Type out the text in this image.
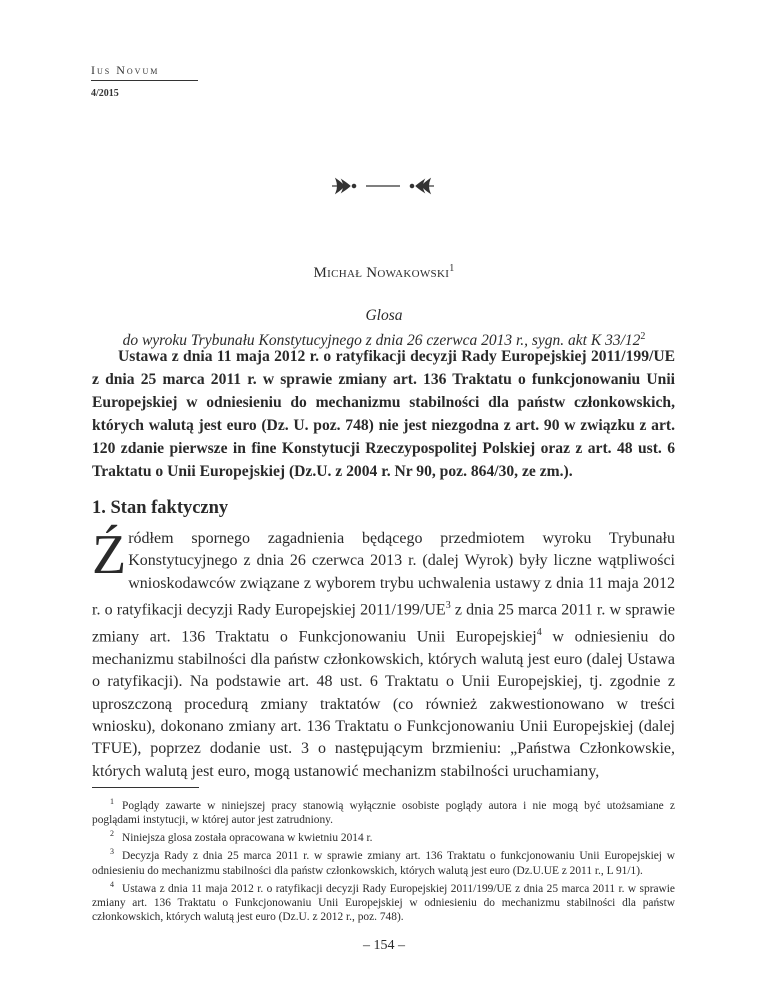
Ius Novum
4/2015
Michał Nowakowski$^1$
Glosa
do wyroku Trybunału Konstytucyjnego z dnia 26 czerwca 2013 r., sygn. akt K $33/12^2$

Ustawa z dnia 11 maja 2012 r. o ratyfikacji decyzji Rady Europejskiej 2011/199/UE z dnia 25 marca 2011 r. w sprawie zmiany art. 136 Traktatu o funkcjonowaniu Unii Europejskiej w odniesieniu do mechanizmu stabilności dla państw członkowskich, których walutą jest euro (Dz. U. poz. 748) nie jest niezgodna z art. 90 w związku z art. 120 zdanie pierwsze in fine Konstytucji Rzeczypospolitej Polskiej oraz z art. 48 ust. 6 Traktatu o Unii Europejskiej (Dz.U. z 2004 r. Nr 90, poz. 864/30, ze zm.).

1. Stan faktyczny
Źródłem spornego zagadnienia będącego przedmiotem wyroku Trybunału Konstytucyjnego z dnia 26 czerwca 2013 r. (dalej Wyrok) były liczne wątpliwości wnioskodawców związane z wyborem trybu uchwalenia ustawy z dnia 11 maja 2012 r. o ratyfikacji decyzji Rady Europejskiej $2011/199/UE^3$ z dnia 25 marca 2011 r. w sprawie zmiany art. 136 Traktatu o Funkcjonowaniu Unii Europejskiej$^4$ w odniesieniu do mechanizmu stabilności dla państw członkowskich, których walutą jest euro (dalej Ustawa o ratyfikacji). Na podstawie art. 48 ust. 6 Traktatu o Unii Europejskiej, tj. zgodnie z uproszczoną procedurą zmiany traktatów (co również zakwestionowano w treści wniosku), dokonano zmiany art. 136 Traktatu o Funkcjonowaniu Unii Europejskiej (dalej TFUE), poprzez dodanie ust. 3 o następującym brzmieniu: „Państwa Członkowskie, których walutą jest euro, mogą ustanowić mechanizm stabilności uruchamiany,

$^1$ Poglądy zawarte w niniejszej pracy stanowią wyłącznie osobiste poglądy autora i nie mogą być utożsamiane z poglądami instytucji, w której autor jest zatrudniony.

$^2$ Niniejsza glosa została opracowana w kwietniu 2014 r.

$^3$ Decyzja Rady z dnia 25 marca 2011 r. w sprawie zmiany art. 136 Traktatu o funkcjonowaniu Unii Europejskiej w odniesieniu do mechanizmu stabilności dla państw członkowskich, których walutą jest euro (Dz.U.UE z 2011 r., L 91/1).

$^4$ Ustawa z dnia 11 maja 2012 r. o ratyfikacji decyzji Rady Europejskiej 2011/199/UE z dnia 25 marca 2011 r. w sprawie zmiany art. 136 Traktatu o Funkcjonowaniu Unii Europejskiej w odniesieniu do mechanizmu stabilności dla państw członkowskich, których walutą jest euro (Dz.U. z 2012 r., poz. 748).

– 154 –
